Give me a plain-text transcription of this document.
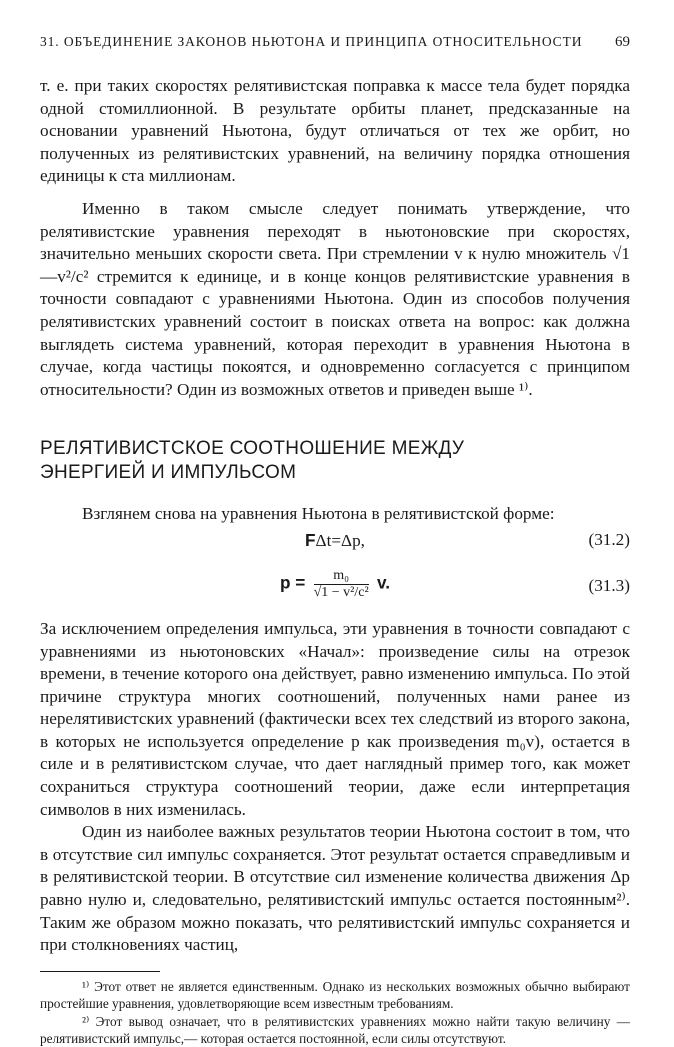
31. ОБЪЕДИНЕНИЕ ЗАКОНОВ НЬЮТОНА И ПРИНЦИПА ОТНОСИТЕЛЬНОСТИ 69

т. е. при таких скоростях релятивистская поправка к массе тела будет порядка одной стомиллионной. В результате орбиты планет, предсказанные на основании уравнений Ньютона, будут отличаться от тех же орбит, но полученных из релятивистских уравнений, на величину порядка отношения единицы к ста миллионам.

Именно в таком смысле следует понимать утверждение, что релятивистские уравнения переходят в ньютоновские при скоростях, значительно меньших скорости света. При стремлении v к нулю множитель √1—v²/c² стремится к единице, и в конце концов релятивистские уравнения в точности совпадают с уравнениями Ньютона. Один из способов получения релятивистских уравнений состоит в поисках ответа на вопрос: как должна выглядеть система уравнений, которая переходит в уравнения Ньютона в случае, когда частицы покоятся, и одновременно согласуется с принципом относительности? Один из возможных ответов и приведен выше ¹⁾.

РЕЛЯТИВИСТСКОЕ СООТНОШЕНИЕ МЕЖДУ
ЭНЕРГИЕЙ И ИМПУЛЬСОМ

Взглянем снова на уравнения Ньютона в релятивистской форме:

FΔt=Δp,	(31.2)
$p = \frac{\text{m₀}}{\text{√1 − v²/c²}} v$.	(31.3)

За исключением определения импульса, эти уравнения в точности совпадают с уравнениями из ньютоновских «Начал»: произведение силы на отрезок времени, в течение которого она действует, равно изменению импульса. По этой причине структура многих соотношений, полученных нами ранее из нерелятивистских уравнений (фактически всех тех следствий из второго закона, в которых не используется определение p как произведения m₀v), остается в силе и в релятивистском случае, что дает наглядный пример того, как может сохраниться структура соотношений теории, даже если интерпретация символов в них изменилась.

Один из наиболее важных результатов теории Ньютона состоит в том, что в отсутствие сил импульс сохраняется. Этот результат остается справедливым и в релятивистской теории. В отсутствие сил изменение количества движения Δp равно нулю и, следовательно, релятивистский импульс остается постоянным²⁾. Таким же образом можно показать, что релятивистский импульс сохраняется и при столкновениях частиц,

¹⁾ Этот ответ не является единственным. Однако из нескольких возможных обычно выбирают простейшие уравнения, удовлетворяющие всем известным требованиям.

²⁾ Этот вывод означает, что в релятивистских уравнениях можно найти такую величину — релятивистский импульс,— которая остается постоянной, если силы отсутствуют.
